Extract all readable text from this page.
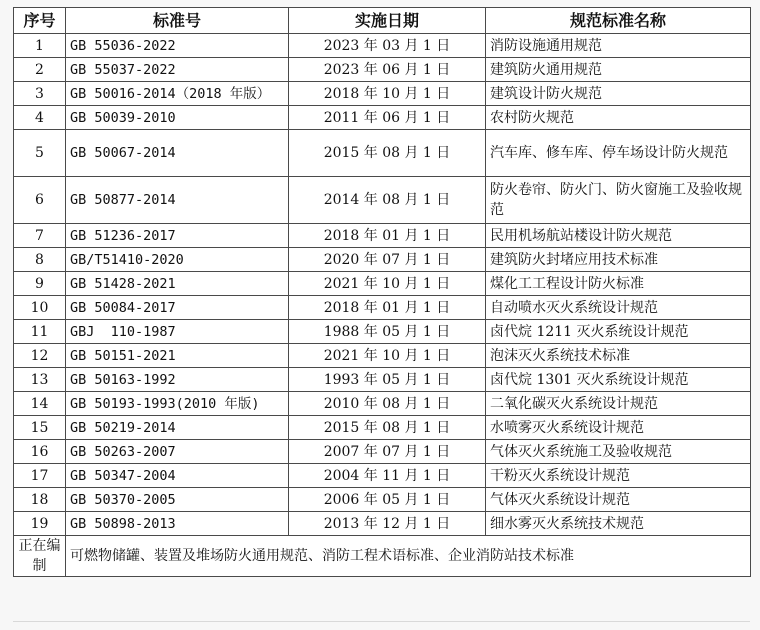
序号	标准号	实施日期	规范标准名称
1	GB 55036-2022	2023 年 03 月 1 日	消防设施通用规范
2	GB 55037-2022	2023 年 06 月 1 日	建筑防火通用规范
3	GB 50016-2014（2018 年版）	2018 年 10 月 1 日	建筑设计防火规范
4	GB 50039-2010	2011 年 06 月 1 日	农村防火规范
5	GB 50067-2014	2015 年 08 月 1 日	汽车库、修车库、停车场设计防火规范
6	GB 50877-2014	2014 年 08 月 1 日	防火卷帘、防火门、防火窗施工及验收规范
7	GB 51236-2017	2018 年 01 月 1 日	民用机场航站楼设计防火规范
8	GB/T51410-2020	2020 年 07 月 1 日	建筑防火封堵应用技术标准
9	GB 51428-2021	2021 年 10 月 1 日	煤化工工程设计防火标准
10	GB 50084-2017	2018 年 01 月 1 日	自动喷水灭火系统设计规范
11	GBJ  110-1987	1988 年 05 月 1 日	卤代烷 1211 灭火系统设计规范
12	GB 50151-2021	2021 年 10 月 1 日	泡沫灭火系统技术标准
13	GB 50163-1992	1993 年 05 月 1 日	卤代烷 1301 灭火系统设计规范
14	GB 50193-1993(2010 年版)	2010 年 08 月 1 日	二氧化碳灭火系统设计规范
15	GB 50219-2014	2015 年 08 月 1 日	水喷雾灭火系统设计规范
16	GB 50263-2007	2007 年 07 月 1 日	气体灭火系统施工及验收规范
17	GB 50347-2004	2004 年 11 月 1 日	干粉灭火系统设计规范
18	GB 50370-2005	2006 年 05 月 1 日	气体灭火系统设计规范
19	GB 50898-2013	2013 年 12 月 1 日	细水雾灭火系统技术规范
正在编制	可燃物储罐、装置及堆场防火通用规范、消防工程术语标准、企业消防站技术标准		
